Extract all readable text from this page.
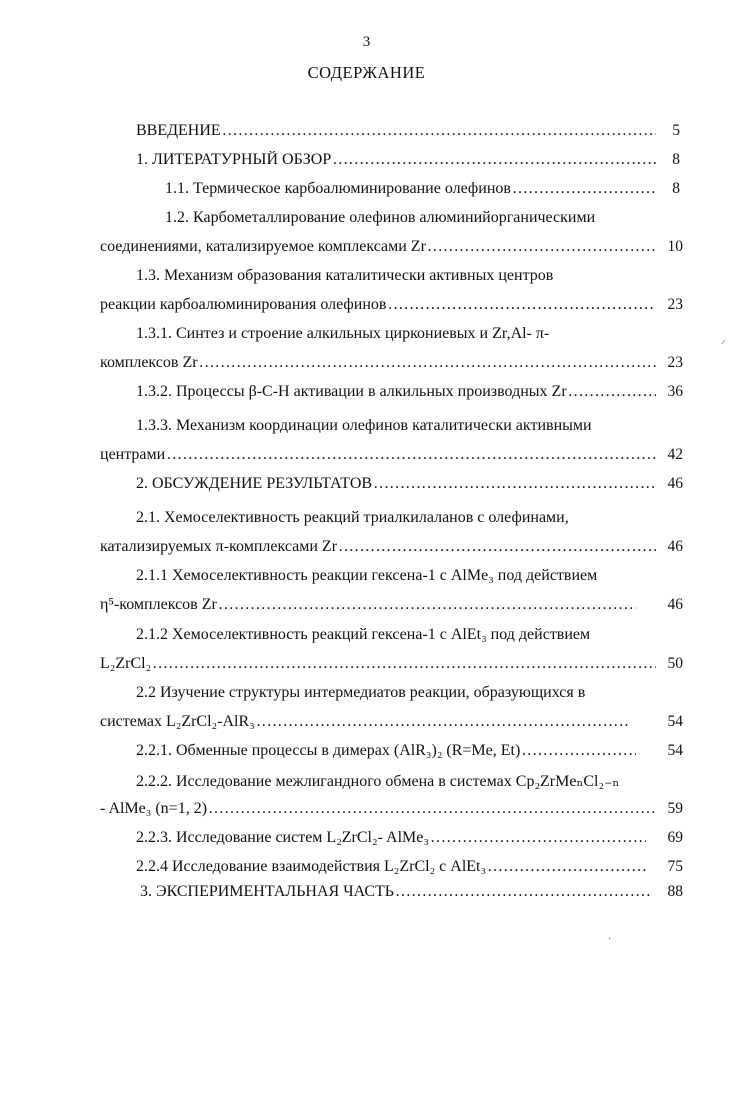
3
СОДЕРЖАНИЕ
ВВЕДЕНИЕ ……………………………………………………………………………………………………………………………………………………………………………………………………	5
1. ЛИТЕРАТУРНЫЙ ОБЗОР ……………………………………………………………………………………………………………………………………………………………………………………………………	8
1.1. Термическое карбоалюминирование олефинов ……………………………………………………………………………………………………………………………………………………………………………………………………	8
1.2. Карбометаллирование олефинов алюминийорганическими
соединениями, катализируемое комплексами Zr ……………………………………………………………………………………………………………………………………………………………………………………………………	10
1.3. Механизм образования каталитически активных центров
реакции карбоалюминирования олефинов ……………………………………………………………………………………………………………………………………………………………………………………………………	23
1.3.1. Синтез и строение алкильных циркониевых и Zr,Al- π-
комплексов Zr ……………………………………………………………………………………………………………………………………………………………………………………………………	23
1.3.2. Процессы β-С-Н активации в алкильных производных Zr ……………………………………………………………………………………………………………………………………………………………………………………………………	36
1.3.3. Механизм координации олефинов каталитически активными
центрами ……………………………………………………………………………………………………………………………………………………………………………………………………	42
2. ОБСУЖДЕНИЕ РЕЗУЛЬТАТОВ ……………………………………………………………………………………………………………………………………………………………………………………………………	46
2.1. Хемоселективность реакций триалкилаланов с олефинами,
катализируемых π-комплексами Zr ……………………………………………………………………………………………………………………………………………………………………………………………………	46
2.1.1 Хемоселективность реакции гексена-1 с AlMe₃ под действием
η⁵-комплексов Zr ……………………………………………………………………………………………………………………………………………………………………………………………………	46
2.1.2 Хемоселективность реакций гексена-1 с AlEt₃ под действием
L₂ZrCl₂ ……………………………………………………………………………………………………………………………………………………………………………………………………	50
2.2 Изучение структуры интермедиатов реакции, образующихся в
системах L₂ZrCl₂-AlR₃ ……………………………………………………………………………………………………………………………………………………………………………………………………	54
2.2.1. Обменные процессы в димерах (AlR₃)₂ (R=Me, Et) ……………………………………………………………………………………………………………………………………………………………………………………………………	54
2.2.2. Исследование межлигандного обмена в системах Cp₂ZrMeₙCl₂₋ₙ
- AlMe₃ (n=1, 2) ……………………………………………………………………………………………………………………………………………………………………………………………………	59
2.2.3. Исследование систем L₂ZrCl₂- AlMe₃ ……………………………………………………………………………………………………………………………………………………………………………………………………	69
2.2.4 Исследование взаимодействия L₂ZrCl₂ с AlEt₃ ……………………………………………………………………………………………………………………………………………………………………………………………………	75
3. ЭКСПЕРИМЕНТАЛЬНАЯ ЧАСТЬ ……………………………………………………………………………………………………………………………………………………………………………………………………	88
⸝
·
